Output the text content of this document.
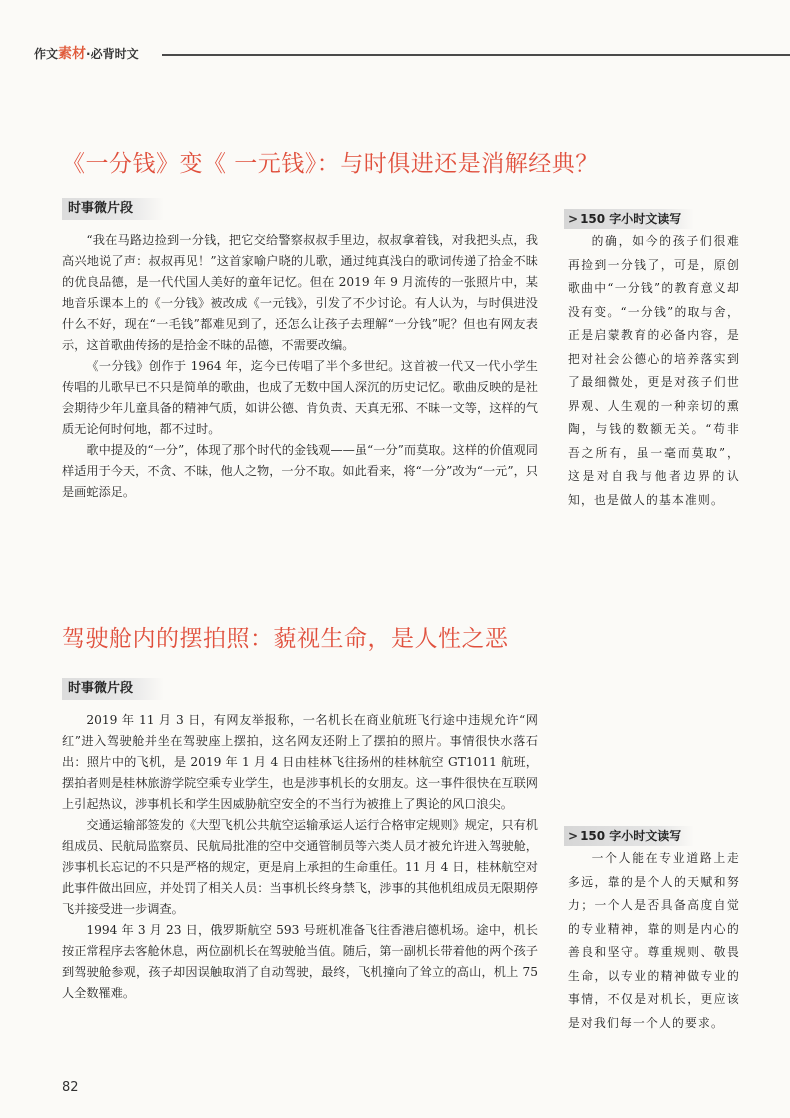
作文素材·必背时文
《一分钱》变《 一元钱》：与时俱进还是消解经典？
时事微片段

“我在马路边捡到一分钱，把它交给警察叔叔手里边，叔叔拿着钱，对我把头点，我高兴地说了声：叔叔再见！”这首家喻户晓的儿歌，通过纯真浅白的歌词传递了拾金不昧的优良品德，是一代代国人美好的童年记忆。但在 2019 年 9 月流传的一张照片中，某地音乐课本上的《一分钱》被改成《一元钱》，引发了不少讨论。有人认为，与时俱进没什么不好，现在“一毛钱”都难见到了，还怎么让孩子去理解“一分钱”呢？但也有网友表示，这首歌曲传扬的是拾金不昧的品德，不需要改编。

《一分钱》创作于 1964 年，迄今已传唱了半个多世纪。这首被一代又一代小学生传唱的儿歌早已不只是简单的歌曲，也成了无数中国人深沉的历史记忆。歌曲反映的是社会期待少年儿童具备的精神气质，如讲公德、肯负责、天真无邪、不昧一文等，这样的气质无论何时何地，都不过时。

歌中提及的“一分”，体现了那个时代的金钱观——虽“一分”而莫取。这样的价值观同样适用于今天，不贪、不昧，他人之物，一分不取。如此看来，将“一分”改为“一元”，只是画蛇添足。

> 150 字小时文读写

的确，如今的孩子们很难再捡到一分钱了，可是，原创歌曲中“一分钱”的教育意义却没有变。“一分钱”的取与舍，正是启蒙教育的必备内容，是把对社会公德心的培养落实到了最细微处，更是对孩子们世界观、人生观的一种亲切的熏陶，与钱的数额无关。“苟非吾之所有，虽一毫而莫取”，这是对自我与他者边界的认知，也是做人的基本准则。

驾驶舱内的摆拍照：藐视生命，是人性之恶
时事微片段

2019 年 11 月 3 日，有网友举报称，一名机长在商业航班飞行途中违规允许“网红”进入驾驶舱并坐在驾驶座上摆拍，这名网友还附上了摆拍的照片。事情很快水落石出：照片中的飞机，是 2019 年 1 月 4 日由桂林飞往扬州的桂林航空 GT1011 航班，摆拍者则是桂林旅游学院空乘专业学生，也是涉事机长的女朋友。这一事件很快在互联网上引起热议，涉事机长和学生因威胁航空安全的不当行为被推上了舆论的风口浪尖。

交通运输部签发的《大型飞机公共航空运输承运人运行合格审定规则》规定，只有机组成员、民航局监察员、民航局批准的空中交通管制员等六类人员才被允许进入驾驶舱，涉事机长忘记的不只是严格的规定，更是肩上承担的生命重任。11 月 4 日，桂林航空对此事件做出回应，并处罚了相关人员：当事机长终身禁飞，涉事的其他机组成员无限期停飞并接受进一步调查。

1994 年 3 月 23 日，俄罗斯航空 593 号班机准备飞往香港启德机场。途中，机长按正常程序去客舱休息，两位副机长在驾驶舱当值。随后，第一副机长带着他的两个孩子到驾驶舱参观，孩子却因误触取消了自动驾驶，最终，飞机撞向了耸立的高山，机上 75 人全数罹难。

> 150 字小时文读写

一个人能在专业道路上走多远，靠的是个人的天赋和努力；一个人是否具备高度自觉的专业精神，靠的则是内心的善良和坚守。尊重规则、敬畏生命，以专业的精神做专业的事情，不仅是对机长，更应该是对我们每一个人的要求。

82
